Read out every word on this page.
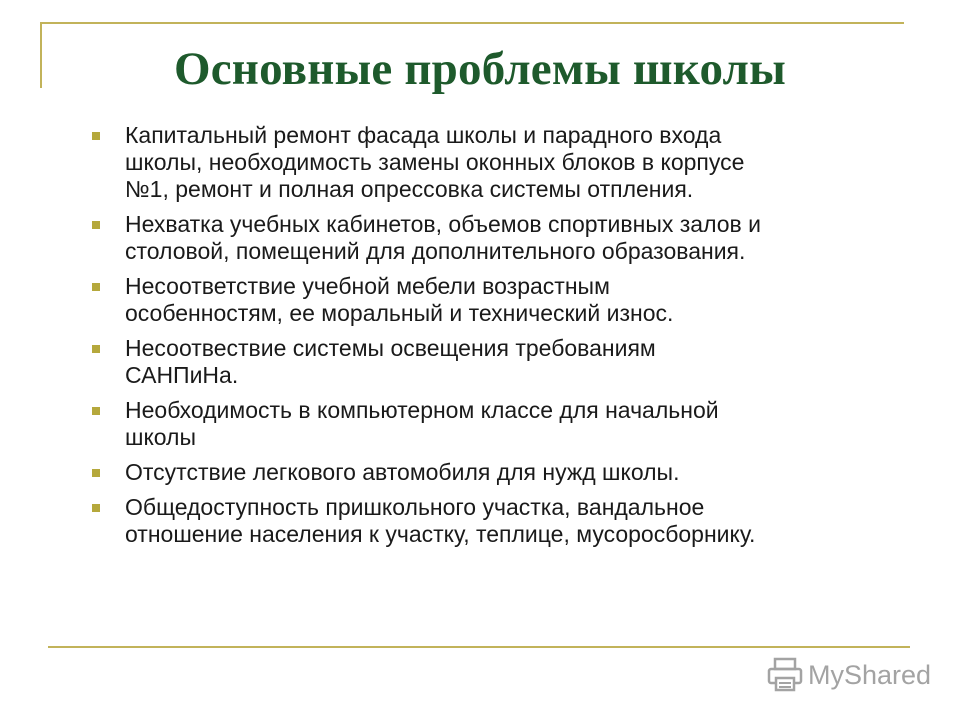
Основные проблемы школы
Капитальный ремонт фасада школы и парадного входа
школы, необходимость замены оконных блоков в корпусе
№1, ремонт и полная опрессовка системы отпления.
Нехватка учебных кабинетов, объемов спортивных залов и
столовой, помещений для дополнительного образования.
Несоответствие учебной мебели возрастным
особенностям, ее моральный и технический износ.
Несоотвествие системы освещения требованиям
САНПиНа.
Необходимость в компьютерном классе для начальной
школы
Отсутствие легкового автомобиля для нужд школы.
Общедоступность пришкольного участка, вандальное
отношение населения к участку, теплице, мусоросборнику.
MyShared
